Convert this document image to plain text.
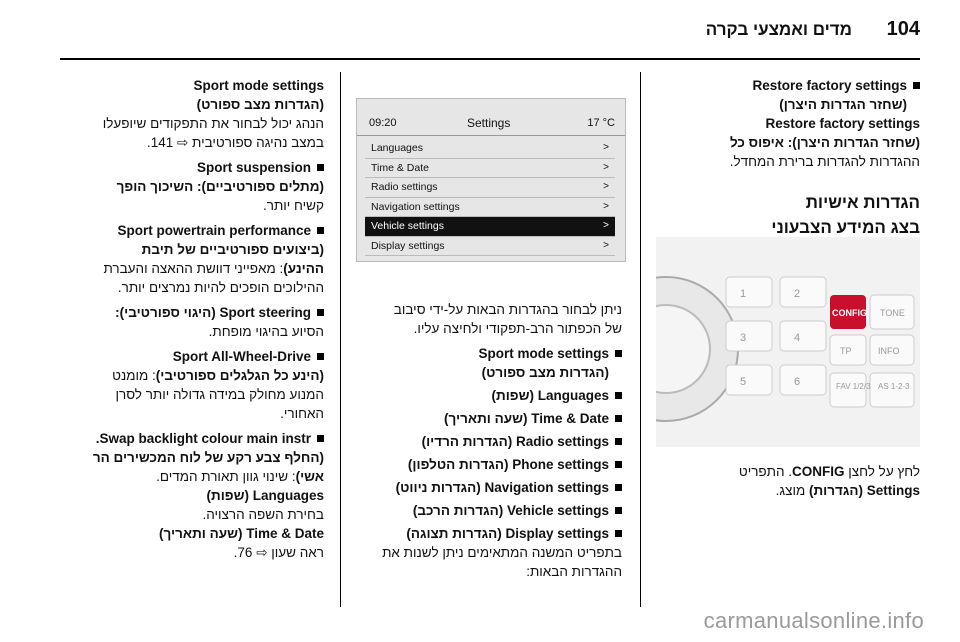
104
מדים ואמצעי בקרה
Restore factory settings
(שחזר הגדרות היצרן)

Restore factory settings

(שחזר הגדרות היצרן): איפוס כל

ההגדרות להגדרות ברירת המחדל.

הגדרות אישיות

בצג המידע הצבעוני

1	2
3	4
5	6
CONFIG TONE
TP	INFO
FAV 1/2/3 AS 1-2-3

לחץ על לחצן CONFIG. התפריט

Settings (הגדרות) מוצג.

09:20	Settings	17 °C
Languages	>
Time & Date	>
Radio settings	>
Navigation settings	>
Vehicle settings	>
Display settings	>

ניתן לבחור בהגדרות הבאות על-ידי סיבוב

של הכפתור הרב-תפקודי ולחיצה עליו.

Sport mode settings
(הגדרות מצב ספורט)
Languages (שפות)
Time & Date (שעה ותאריך)
Radio settings (הגדרות הרדיו)
Phone settings (הגדרות הטלפון)
Navigation settings (הגדרות ניווט)
Vehicle settings (הגדרות הרכב)
Display settings (הגדרות תצוגה)

בתפריט המשנה המתאימים ניתן לשנות את

ההגדרות הבאות:

Sport mode settings

(הגדרות מצב ספורט)

הנהג יכול לבחור את התפקודים שיופעלו

במצב נהיגה ספורטיבית ⇨ 141.

Sport suspension

(מתלים ספורטיביים): השיכוך הופך

קשיח יותר.

Sport powertrain performance

(ביצועים ספורטיביים של תיבת

ההינע): מאפייני דוושת ההאצה והעברת

ההילוכים הופכים להיות נמרצים יותר.

Sport steering (היגוי ספורטיבי):

הסיוע בהיגוי מופחת.

Sport All-Wheel-Drive

(הינע כל הגלגלים ספורטיבי): מומנט

המנוע מחולק במידה גדולה יותר לסרן

האחורי.

Swap backlight colour main instr.

(החלף צבע רקע של לוח המכשירים הר

אשי): שינוי גוון תאורת המדים.

Languages (שפות)

בחירת השפה הרצויה.

Time & Date (שעה ותאריך)

ראה שעון ⇨ 76.

carmanualsonline.info
